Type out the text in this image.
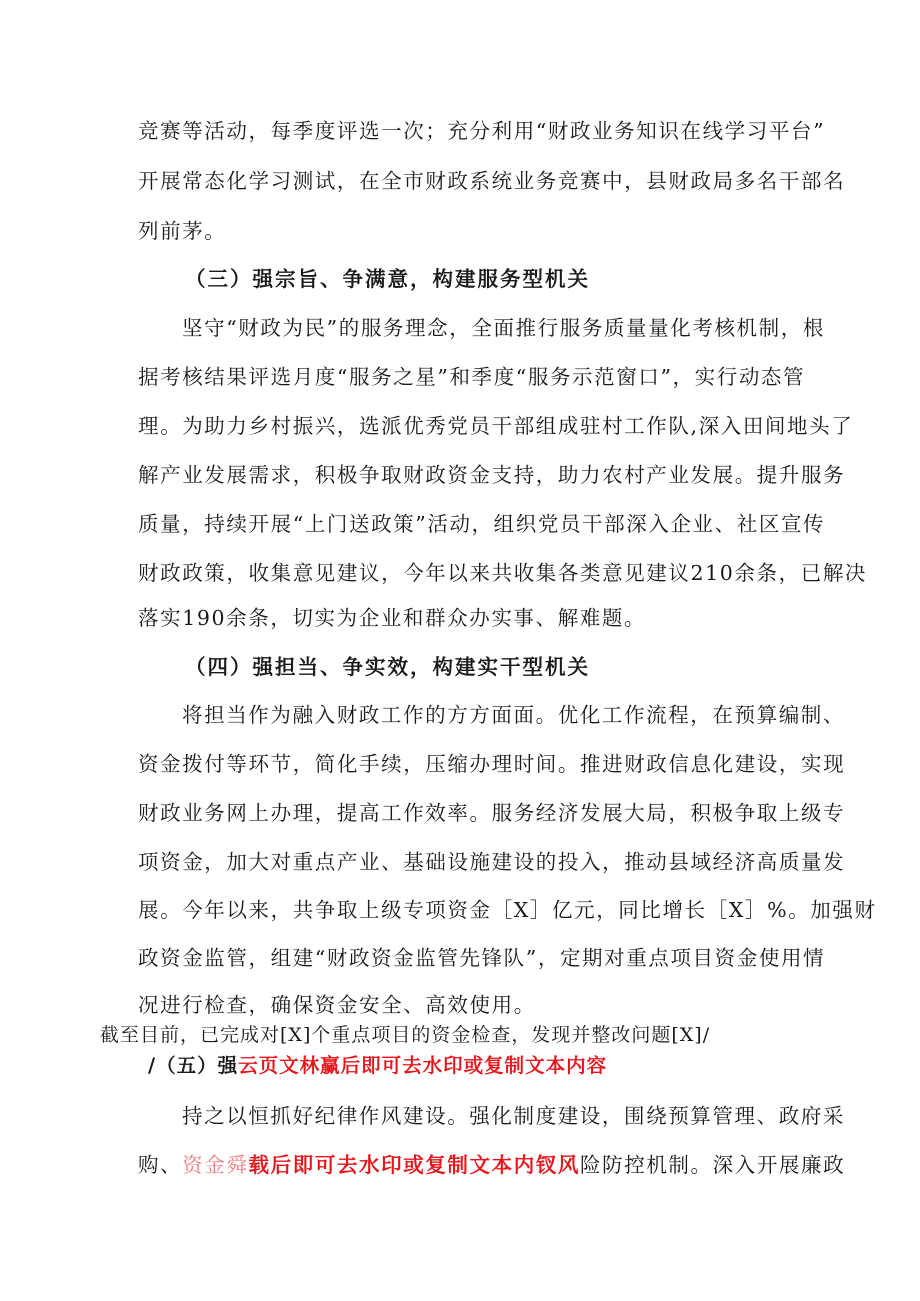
竞赛等活动，每季度评选一次；充分利用“财政业务知识在线学习平台”
开展常态化学习测试，在全市财政系统业务竞赛中，县财政局多名干部名
列前茅。
（三）强宗旨、争满意，构建服务型机关
坚守“财政为民”的服务理念，全面推行服务质量量化考核机制，根
据考核结果评选月度“服务之星”和季度“服务示范窗口”，实行动态管
理。为助力乡村振兴，选派优秀党员干部组成驻村工作队,深入田间地头了
解产业发展需求，积极争取财政资金支持，助力农村产业发展。提升服务
质量，持续开展“上门送政策”活动，组织党员干部深入企业、社区宣传
财政政策，收集意见建议，今年以来共收集各类意见建议210余条，已解决
落实190余条，切实为企业和群众办实事、解难题。
（四）强担当、争实效，构建实干型机关
将担当作为融入财政工作的方方面面。优化工作流程，在预算编制、
资金拨付等环节，简化手续，压缩办理时间。推进财政信息化建设，实现
财政业务网上办理，提高工作效率。服务经济发展大局，积极争取上级专
项资金，加大对重点产业、基础设施建设的投入，推动县域经济高质量发
展。今年以来，共争取上级专项资金［X］亿元，同比增长［X］%。加强财
政资金监管，组建“财政资金监管先锋队”，定期对重点项目资金使用情
况进行检查，确保资金安全、高效使用。
截至目前，已完成对[X]个重点项目的资金检查，发现并整改问题[X]/
/（五）强云页文林赢后即可去水印或复制文本内容
持之以恒抓好纪律作风建设。强化制度建设，围绕预算管理、政府采
购、资金舜载后即可去水印或复制文本内钗风险防控机制。深入开展廉政
